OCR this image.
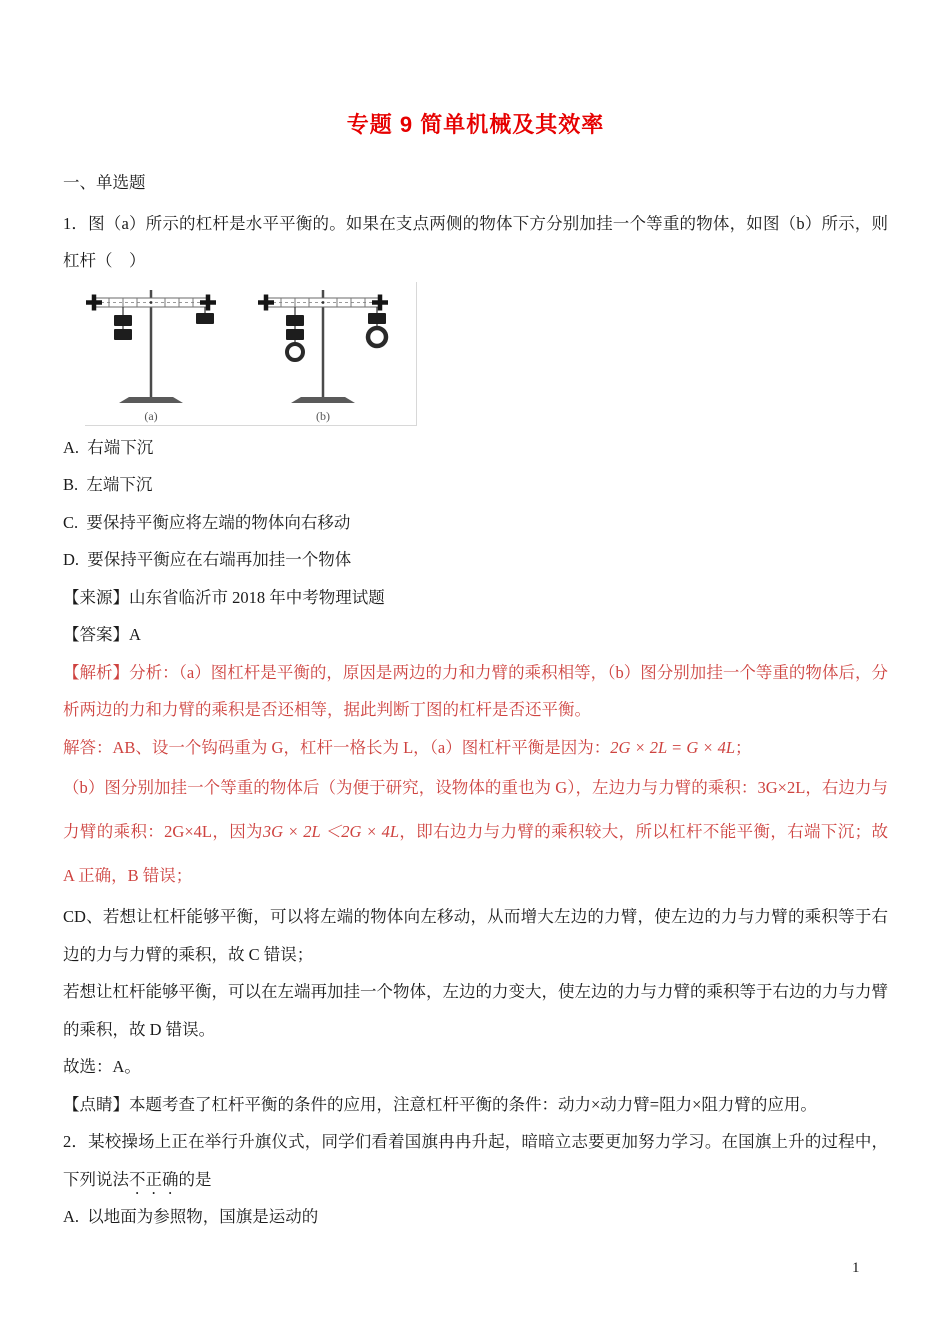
专题 9 简单机械及其效率

一、单选题

1．图（a）所示的杠杆是水平平衡的。如果在支点两侧的物体下方分别加挂一个等重的物体，如图（b）所示，则杠杆（　）

(a)	(b)

A.  右端下沉

B.  左端下沉

C.  要保持平衡应将左端的物体向右移动

D.  要保持平衡应在右端再加挂一个物体

【来源】山东省临沂市 2018 年中考物理试题

【答案】A

【解析】分析：（a）图杠杆是平衡的，原因是两边的力和力臂的乘积相等，（b）图分别加挂一个等重的物体后，分析两边的力和力臂的乘积是否还相等，据此判断丁图的杠杆是否还平衡。

解答：AB、设一个钩码重为 G，杠杆一格长为 L，（a）图杠杆平衡是因为：2G × 2L = G × 4L；

（b）图分别加挂一个等重的物体后（为便于研究，设物体的重也为 G），左边力与力臂的乘积：3G×2L，右边力与力臂的乘积：2G×4L，因为3G × 2L ＜2G × 4L，即右边力与力臂的乘积较大，所以杠杆不能平衡，右端下沉；故 A 正确，B 错误；

CD、若想让杠杆能够平衡，可以将左端的物体向左移动，从而增大左边的力臂，使左边的力与力臂的乘积等于右边的力与力臂的乘积，故 C 错误；

若想让杠杆能够平衡，可以在左端再加挂一个物体，左边的力变大，使左边的力与力臂的乘积等于右边的力与力臂的乘积，故 D 错误。

故选：A。

【点睛】本题考查了杠杆平衡的条件的应用，注意杠杆平衡的条件：动力×动力臂=阻力×阻力臂的应用。

2．某校操场上正在举行升旗仪式，同学们看着国旗冉冉升起，暗暗立志要更加努力学习。在国旗上升的过程中，下列说法不正确的是

A.  以地面为参照物，国旗是运动的

1
